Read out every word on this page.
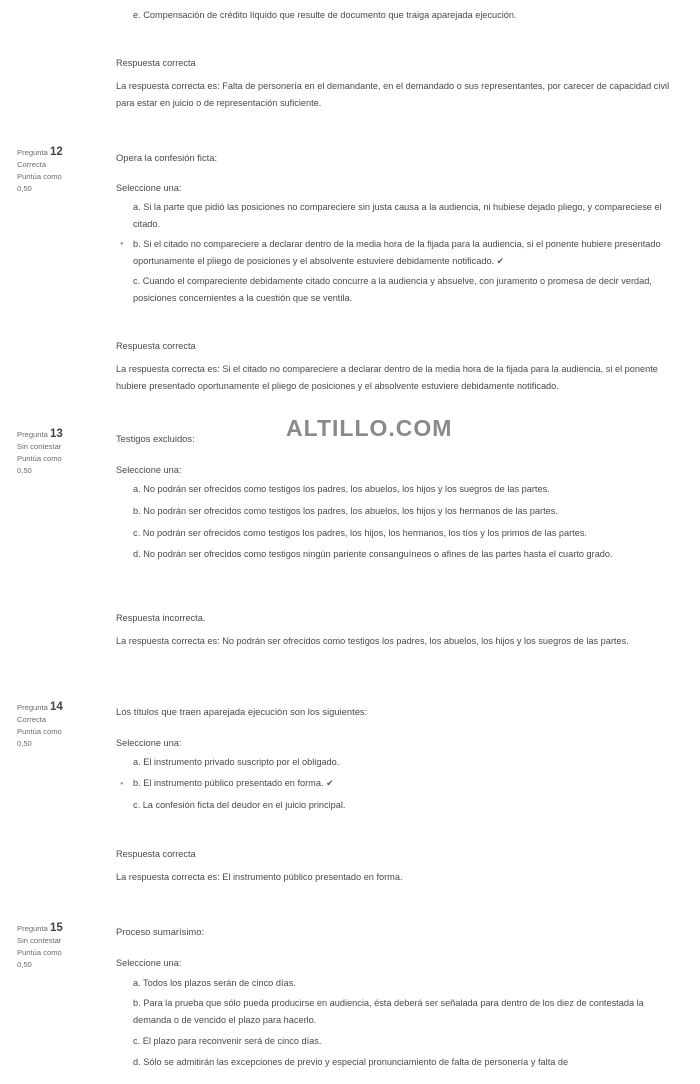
e. Compensación de crédito líquido que resulte de documento que traiga aparejada ejecución.
Respuesta correcta
La respuesta correcta es: Falta de personería en el demandante, en el demandado o sus representantes, por carecer de capacidad civil para estar en juicio o de representación suficiente.
Pregunta 12
Correcta
Puntúa como
0,50
Opera la confesión ficta:
Seleccione una:
a. Si la parte que pidió las posiciones no compareciere sin justa causa a la audiencia, ni hubiese dejado pliego, y compareciese el citado.
● b. Si el citado no compareciere a declarar dentro de la media hora de la fijada para la audiencia, si el ponente hubiere presentado oportunamente el pliego de posiciones y el absolvente estuviere debidamente notificado. ✔
c. Cuando el compareciente debidamente citado concurre a la audiencia y absuelve, con juramento o promesa de decir verdad, posiciones concernientes a la cuestión que se ventila.
Respuesta correcta
La respuesta correcta es: Si el citado no compareciere a declarar dentro de la media hora de la fijada para la audiencia, si el ponente hubiere presentado oportunamente el pliego de posiciones y el absolvente estuviere debidamente notificado.
ALTILLO.COM
Pregunta 13
Sin contestar
Puntúa como
0,50
Testigos excluidos:
Seleccione una:
a. No podrán ser ofrecidos como testigos los padres, los abuelos, los hijos y los suegros de las partes.
b. No podrán ser ofrecidos como testigos los padres, los abuelos, los hijos y los hermanos de las partes.
c. No podrán ser ofrecidos como testigos los padres, los hijos, los hermanos, los tíos y los primos de las partes.
d. No podrán ser ofrecidos como testigos ningún pariente consanguíneos o afines de las partes hasta el cuarto grado.
Respuesta incorrecta.
La respuesta correcta es: No podrán ser ofrecidos como testigos los padres, los abuelos, los hijos y los suegros de las partes.
Pregunta 14
Correcta
Puntúa como
0,50
Los títulos que traen aparejada ejecución son los siguientes:
Seleccione una:
a. El instrumento privado suscripto por el obligado.
● b. El instrumento público presentado en forma. ✔
c. La confesión ficta del deudor en el juicio principal.
Respuesta correcta
La respuesta correcta es: El instrumento público presentado en forma.
Pregunta 15
Sin contestar
Puntúa como
0,50
Proceso sumarísimo:
Seleccione una:
a. Todos los plazos serán de cinco días.
b. Para la prueba que sólo pueda producirse en audiencia, ésta deberá ser señalada para dentro de los diez de contestada la demanda o de vencido el plazo para hacerlo.
c. El plazo para reconvenir será de cinco días.
d. Sólo se admitirán las excepciones de previo y especial pronunciamiento de falta de personería y falta de
